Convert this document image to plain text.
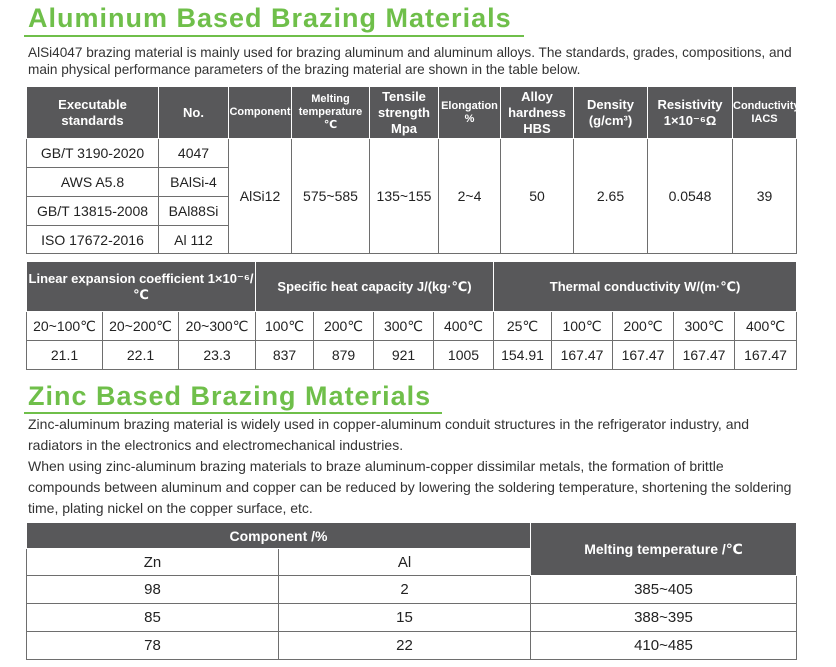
Aluminum Based Brazing Materials

AlSi4047 brazing material is mainly used for brazing aluminum and aluminum alloys. The standards, grades, compositions, and main physical performance parameters of the brazing material are shown in the table below.

Executable standards	No.	Component	Melting temperature ℃	Tensile strength Mpa	Elongation %	Alloy hardness HBS	Density (g/cm³)	Resistivity 1×10⁻⁶Ω	Conductivity IACS
GB/T 3190-2020	4047	AlSi12	575~585	135~155	2~4	50	2.65	0.0548	39
AWS A5.8	BAlSi-4								
GB/T 13815-2008	BAl88Si								
ISO 17672-2016	Al 112								
Linear expansion coefficient 1×10⁻⁶/℃			Specific heat capacity J/(kg·℃)				Thermal conductivity W/(m·℃)				
20~100℃	20~200℃	20~300℃	100℃	200℃	300℃	400℃	25℃	100℃	200℃	300℃	400℃
21.1	22.1	23.3	837	879	921	1005	154.91	167.47	167.47	167.47	167.47
Zinc Based Brazing Materials

Zinc-aluminum brazing material is widely used in copper-aluminum conduit structures in the refrigerator industry, and radiators in the electronics and electromechanical industries.

When using zinc-aluminum brazing materials to braze aluminum-copper dissimilar metals, the formation of brittle compounds between aluminum and copper can be reduced by lowering the soldering temperature, shortening the soldering time, plating nickel on the copper surface, etc.

Component /%		Melting temperature /℃
Zn	Al	
98	2	385~405
85	15	388~395
78	22	410~485
